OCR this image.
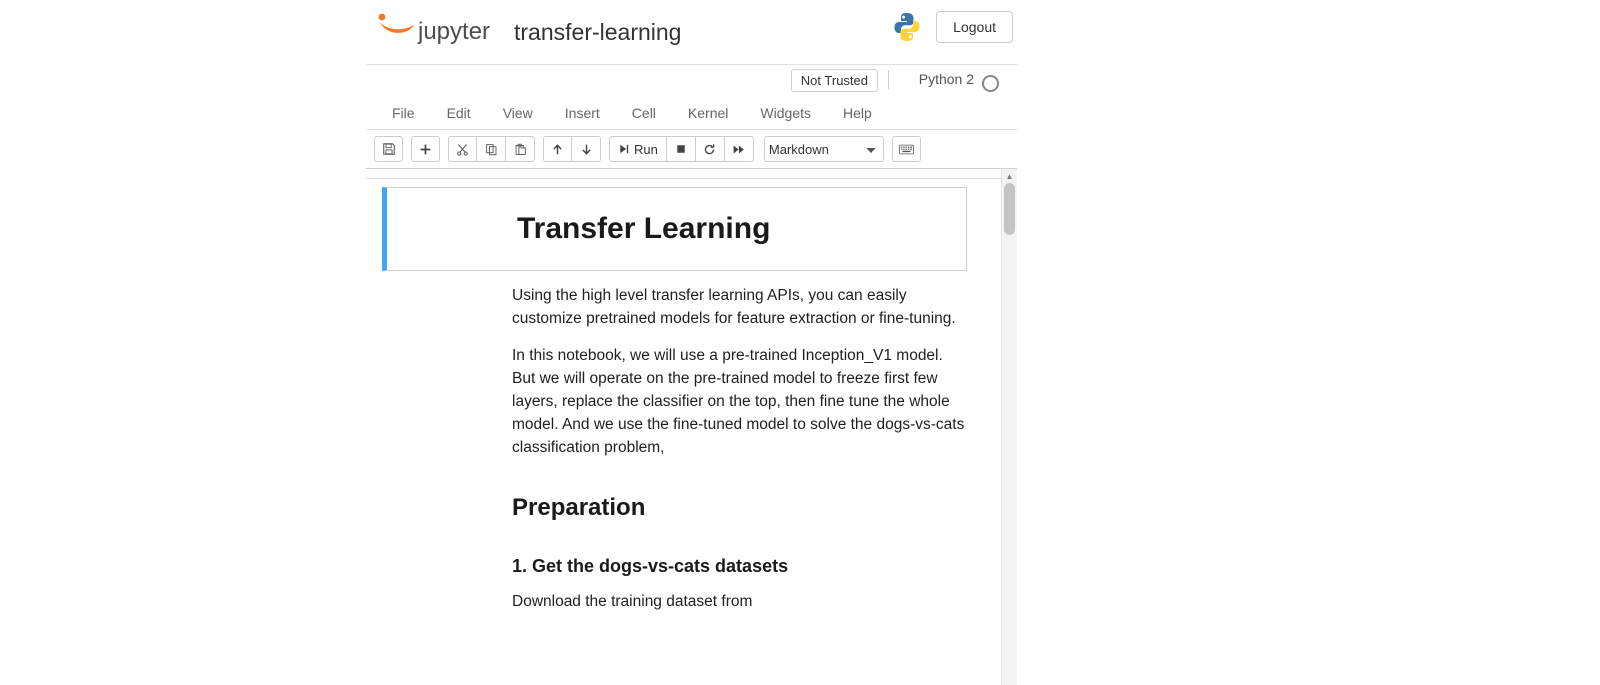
jupyter transfer-learning	Logout
Not Trusted	Python 2
File	Edit	View	Insert	Cell	Kernel	Widgets	Help
Run
Markdown
▲
Transfer Learning

Using the high level transfer learning APIs, you can easily customize pretrained models for feature extraction or fine-tuning.

In this notebook, we will use a pre-trained Inception_V1 model. But we will operate on the pre-trained model to freeze first few layers, replace the classifier on the top, then fine tune the whole model. And we use the fine-tuned model to solve the dogs-vs-cats classification problem,

Preparation
1. Get the dogs-vs-cats datasets

Download the training dataset from
